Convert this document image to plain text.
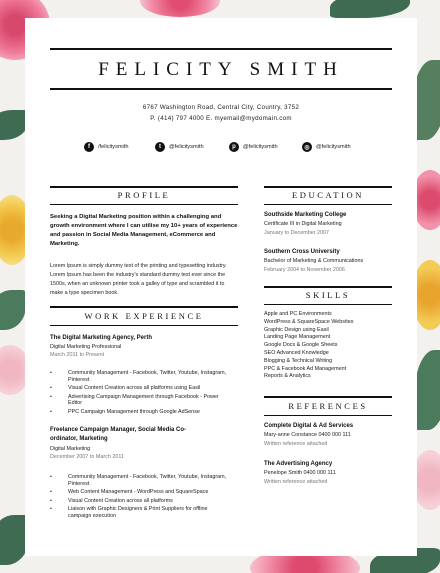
FELICITY SMITH
6767 Washington Road, Central City, Country, 3752
P. (414) 797 4000 E. myemail@mydomain.com
f	/felicitysmith	t	@felicitysmith	p	@felicitysmith	◎	@felicitysmith
PROFILE
Seeking a Digital Marketing position within a challenging and growth environment where I can utilise my 10+ years of experience and passion in Social Media Management, eCommerce and Marketing.
Lorem Ipsum is simply dummy text of the printing and typesetting industry. Lorem Ipsum has been the industry's standard dummy text ever since the 1500s, when an unknown printer took a galley of type and scrambled it to make a type specimen book.
WORK EXPERIENCE
The Digital Marketing Agency, Perth
Digital Marketing Professional
March 2011 to Present
• Community Management - Facebook, Twitter, Youtube, Instagram, Pinterest
• Visual Content Creation across all platforms using Easil
• Advertising Campaign Management through Facebook - Power Editor
• PPC Campaign Management through Google AdSense
Freelance Campaign Manager, Social Media Co-ordinator, Marketing
Digital Marketing
December 2007 to March 2011
• Community Management - Facebook, Twitter, Youtube, Instagram, Pinterest
• Web Content Management - WordPress and SquareSpace
• Visual Content Creation across all platforms
• Liaison with Graphic Designers & Print Suppliers for offline campaign execution
EDUCATION
Southside Marketing College
Certificate III in Digital Marketing
January to December 2007
Southern Cross University
Bachelor of Marketing & Communications
February 2004 to November 2006
SKILLS
Apple and PC Environments
WordPress & SquareSpace Websites
Graphic Design using Easil
Landing Page Management
Google Docs & Google Sheets
SEO Advanced Knowledge
Blogging & Technical Writing
PPC & Facebook Ad Management
Reports & Analytics
REFERENCES
Complete Digital & Ad Services
Mary-anne Constance 0400 000 111
Written reference attached
The Advertising Agency
Penelope Smith 0400 000 111
Written reference attached
